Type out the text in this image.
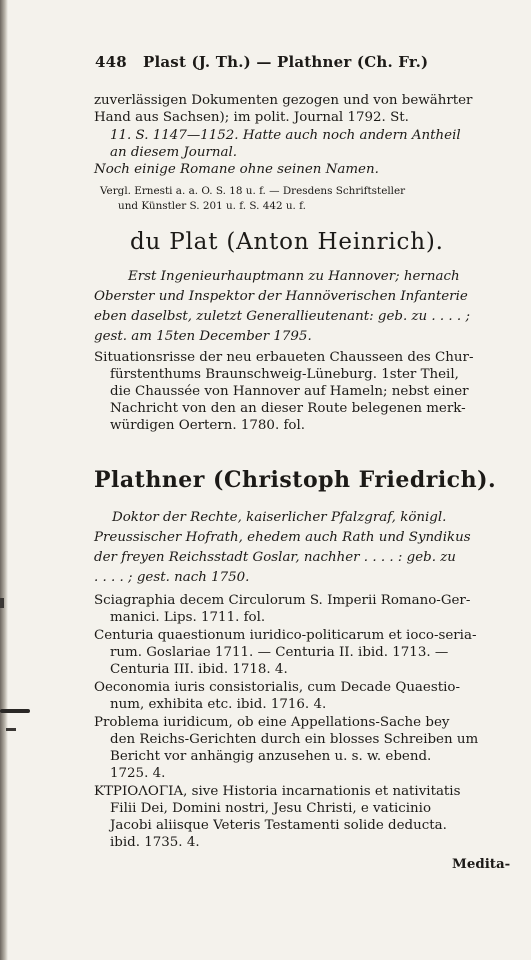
448 Plast (J. Th.) — Plathner (Ch. Fr.)
zuverlässigen Dokumenten gezogen und von bewährter Hand aus Sachsen); im polit. Journal 1792. St.
11. S. 1147—1152. Hatte auch noch andern Antheil
an diesem Journal.
Noch einige Romane ohne seinen Namen.
Vergl. Ernesti a. a. O. S. 18 u. f. — Dresdens Schriftsteller
und Künstler S. 201 u. f. S. 442 u. f.
du Plat (Anton Heinrich).
Erst Ingenieurhauptmann zu Hannover; hernach
Oberster und Inspektor der Hannöverischen Infanterie
eben daselbst, zuletzt Generallieutenant: geb. zu . . . . ;
gest. am 15ten December 1795.
Situationsrisse der neu erbaueten Chausseen des Chur-
fürstenthums Braunschweig-Lüneburg. 1ster Theil,
die Chaussée von Hannover auf Hameln; nebst einer
Nachricht von den an dieser Route belegenen merk-
würdigen Oertern. 1780. fol.
Plathner (Christoph Friedrich).
Doktor der Rechte, kaiserlicher Pfalzgraf, königl.
Preussischer Hofrath, ehedem auch Rath und Syndikus
der freyen Reichsstadt Goslar, nachher . . . . : geb. zu
. . . . ; gest. nach 1750.
Sciagraphia decem Circulorum S. Imperii Romano-Ger-
manici. Lips. 1711. fol.
Centuria quaestionum iuridico-politicarum et ioco-seria-
rum. Goslariae 1711. — Centuria II. ibid. 1713. —
Centuria III. ibid. 1718. 4.
Oeconomia iuris consistorialis, cum Decade Quaestio-
num, exhibita etc. ibid. 1716. 4.
Problema iuridicum, ob eine Appellations-Sache bey
den Reichs-Gerichten durch ein blosses Schreiben um
Bericht vor anhängig anzusehen u. s. w. ebend.
1725. 4.
ΚΤΡΙΟΛΟΓΙΑ, sive Historia incarnationis et nativitatis
Filii Dei, Domini nostri, Jesu Christi, e vaticinio
Jacobi aliisque Veteris Testamenti solide deducta.
ibid. 1735. 4.
Medita-
